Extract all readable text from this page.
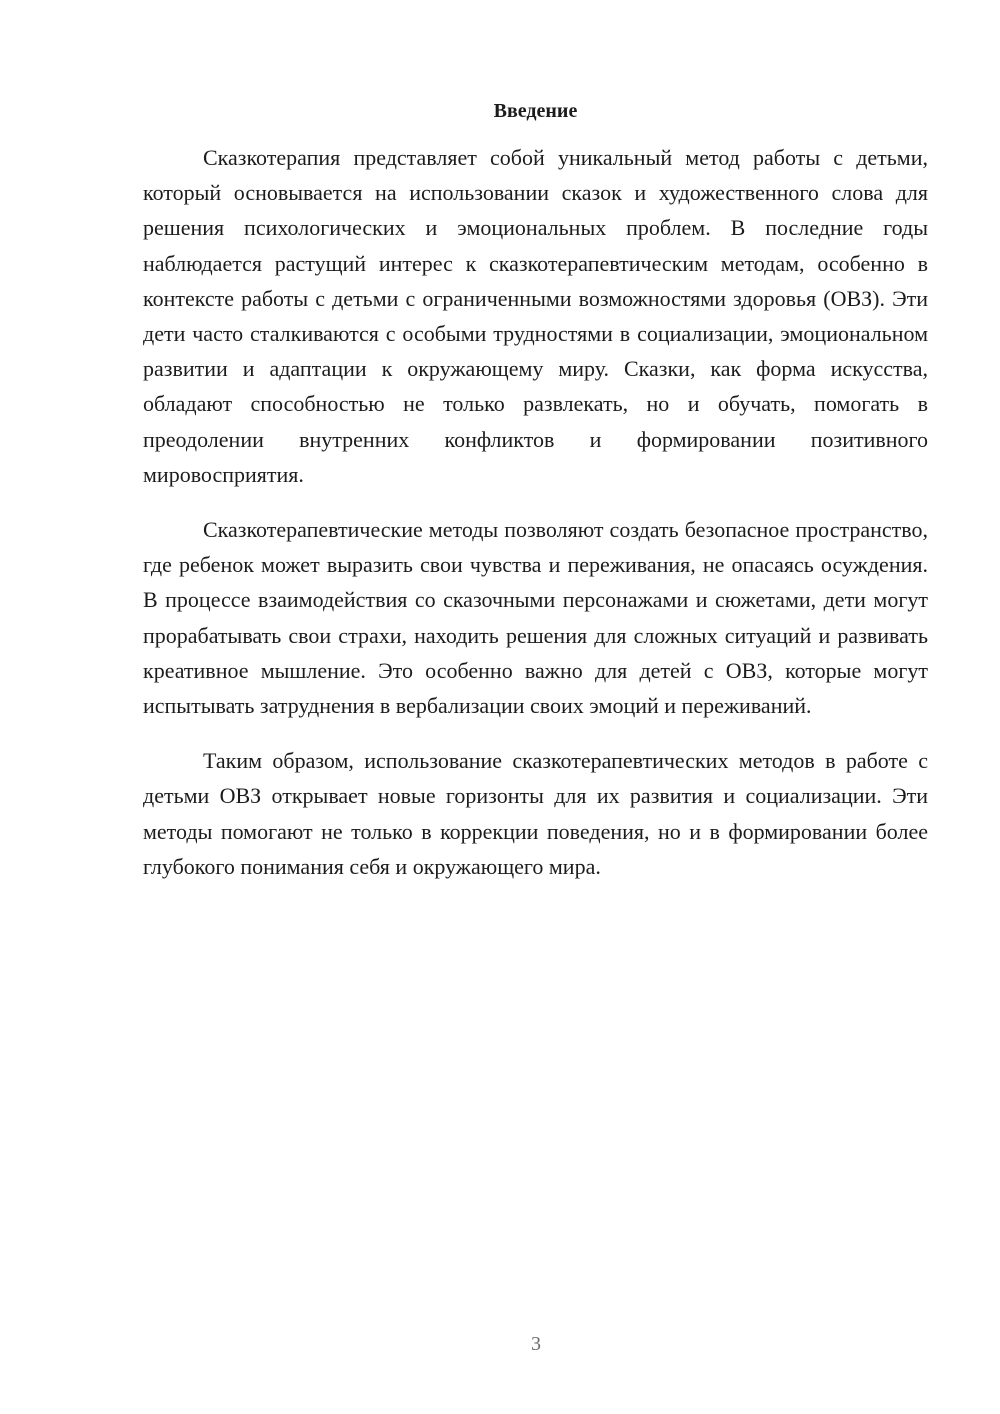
Введение

Сказкотерапия представляет собой уникальный метод работы с детьми, который основывается на использовании сказок и художественного слова для решения психологических и эмоциональных проблем. В последние годы наблюдается растущий интерес к сказкотерапевтическим методам, особенно в контексте работы с детьми с ограниченными возможностями здоровья (ОВЗ). Эти дети часто сталкиваются с особыми трудностями в социализации, эмоциональном развитии и адаптации к окружающему миру. Сказки, как форма искусства, обладают способностью не только развлекать, но и обучать, помогать в преодолении внутренних конфликтов и формировании позитивного мировосприятия.

Сказкотерапевтические методы позволяют создать безопасное пространство, где ребенок может выразить свои чувства и переживания, не опасаясь осуждения. В процессе взаимодействия со сказочными персонажами и сюжетами, дети могут прорабатывать свои страхи, находить решения для сложных ситуаций и развивать креативное мышление. Это особенно важно для детей с ОВЗ, которые могут испытывать затруднения в вербализации своих эмоций и переживаний.

Таким образом, использование сказкотерапевтических методов в работе с детьми ОВЗ открывает новые горизонты для их развития и социализации. Эти методы помогают не только в коррекции поведения, но и в формировании более глубокого понимания себя и окружающего мира.

3
